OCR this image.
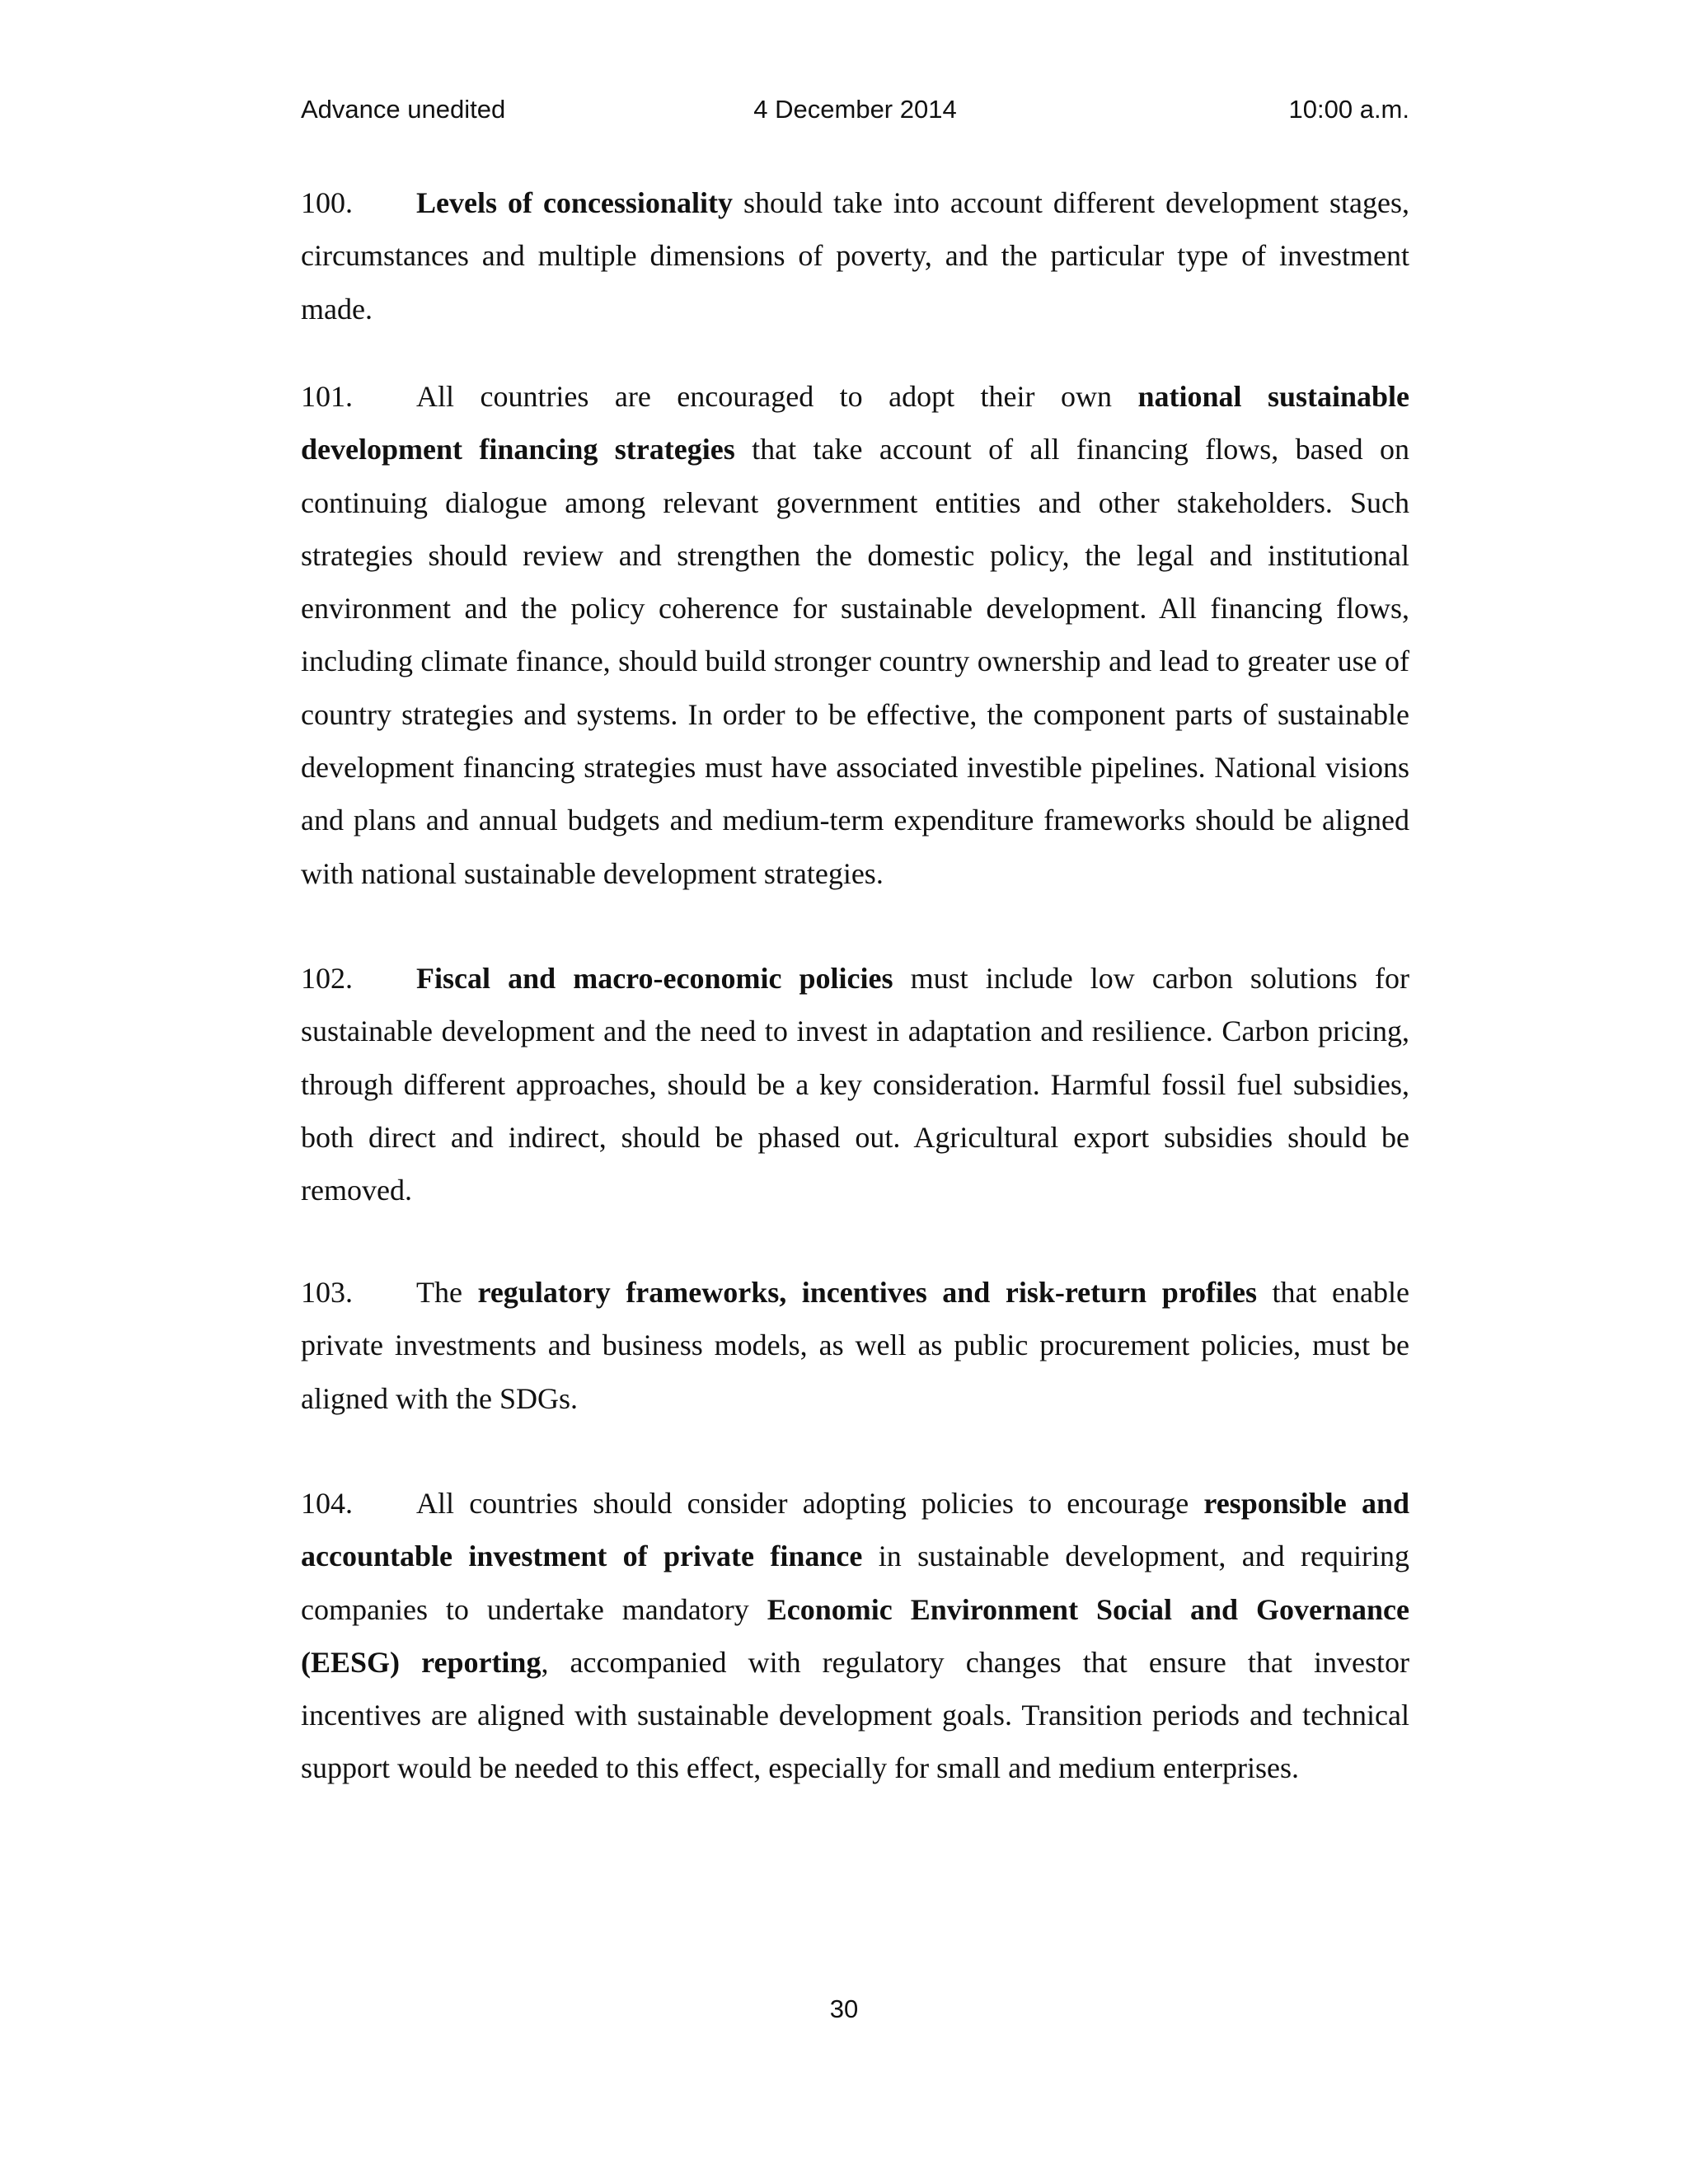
Advance unedited	4 December 2014	10:00 a.m.

100. Levels of concessionality should take into account different development stages, circumstances and multiple dimensions of poverty, and the particular type of investment made.

101. All countries are encouraged to adopt their own national sustainable development financing strategies that take account of all financing flows, based on continuing dialogue among relevant government entities and other stakeholders. Such strategies should review and strengthen the domestic policy, the legal and institutional environment and the policy coherence for sustainable development. All financing flows, including climate finance, should build stronger country ownership and lead to greater use of country strategies and systems. In order to be effective, the component parts of sustainable development financing strategies must have associated investible pipelines. National visions and plans and annual budgets and medium-term expenditure frameworks should be aligned with national sustainable development strategies.

102. Fiscal and macro-economic policies must include low carbon solutions for sustainable development and the need to invest in adaptation and resilience. Carbon pricing, through different approaches, should be a key consideration. Harmful fossil fuel subsidies, both direct and indirect, should be phased out. Agricultural export subsidies should be removed.

103. The regulatory frameworks, incentives and risk-return profiles that enable private investments and business models, as well as public procurement policies, must be aligned with the SDGs.

104. All countries should consider adopting policies to encourage responsible and accountable investment of private finance in sustainable development, and requiring companies to undertake mandatory Economic Environment Social and Governance (EESG) reporting, accompanied with regulatory changes that ensure that investor incentives are aligned with sustainable development goals. Transition periods and technical support would be needed to this effect, especially for small and medium enterprises.

30
